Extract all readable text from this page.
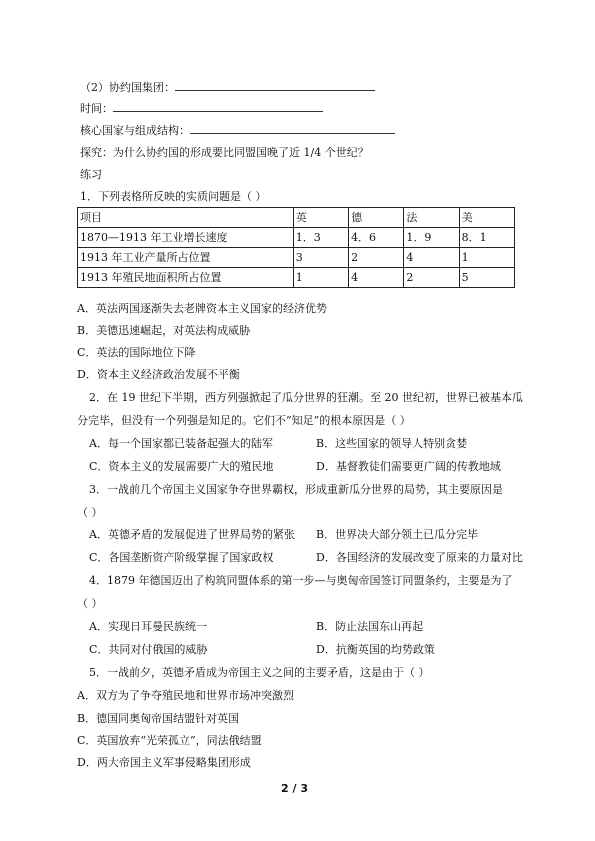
（2）协约国集团：
时间：
核心国家与组成结构：
探究：为什么协约国的形成要比同盟国晚了近 1/4 个世纪？
练习
1．下列表格所反映的实质问题是（ ）
项目	英	德	法	美
1870—1913 年工业增长速度	1．3	4．6	1．9	8．1
1913 年工业产量所占位置	3	2	4	1
1913 年殖民地面积所占位置	1	4	2	5
A．英法两国逐渐失去老牌资本主义国家的经济优势
B．美德迅速崛起，对英法构成威胁
C．英法的国际地位下降
D．资本主义经济政治发展不平衡
2．在 19 世纪下半期，西方列强掀起了瓜分世界的狂潮。至 20 世纪初，世界已被基本瓜
分完毕，但没有一个列强是知足的。它们不“知足”的根本原因是（ ）
A．每一个国家都已装备起强大的陆军	B．这些国家的领导人特别贪婪
C．资本主义的发展需要广大的殖民地	D．基督教徒们需要更广阔的传教地域
3．一战前几个帝国主义国家争夺世界霸权，形成重新瓜分世界的局势，其主要原因是
（ ）
A．英德矛盾的发展促进了世界局势的紧张 B．世界决大部分领土已瓜分完毕
C．各国垄断资产阶级掌握了国家政权	D．各国经济的发展改变了原来的力量对比
4．1879 年德国迈出了构筑同盟体系的第一步—与奥匈帝国签订同盟条约，主要是为了
（ ）
A．实现日耳曼民族统一	B．防止法国东山再起
C．共同对付俄国的威胁	D．抗衡英国的均势政策
5．一战前夕，英德矛盾成为帝国主义之间的主要矛盾，这是由于（ ）
A．双方为了争夺殖民地和世界市场冲突激烈
B．德国同奥匈帝国结盟针对英国
C．英国放弃“光荣孤立”，同法俄结盟
D．两大帝国主义军事侵略集团形成
2 / 3
